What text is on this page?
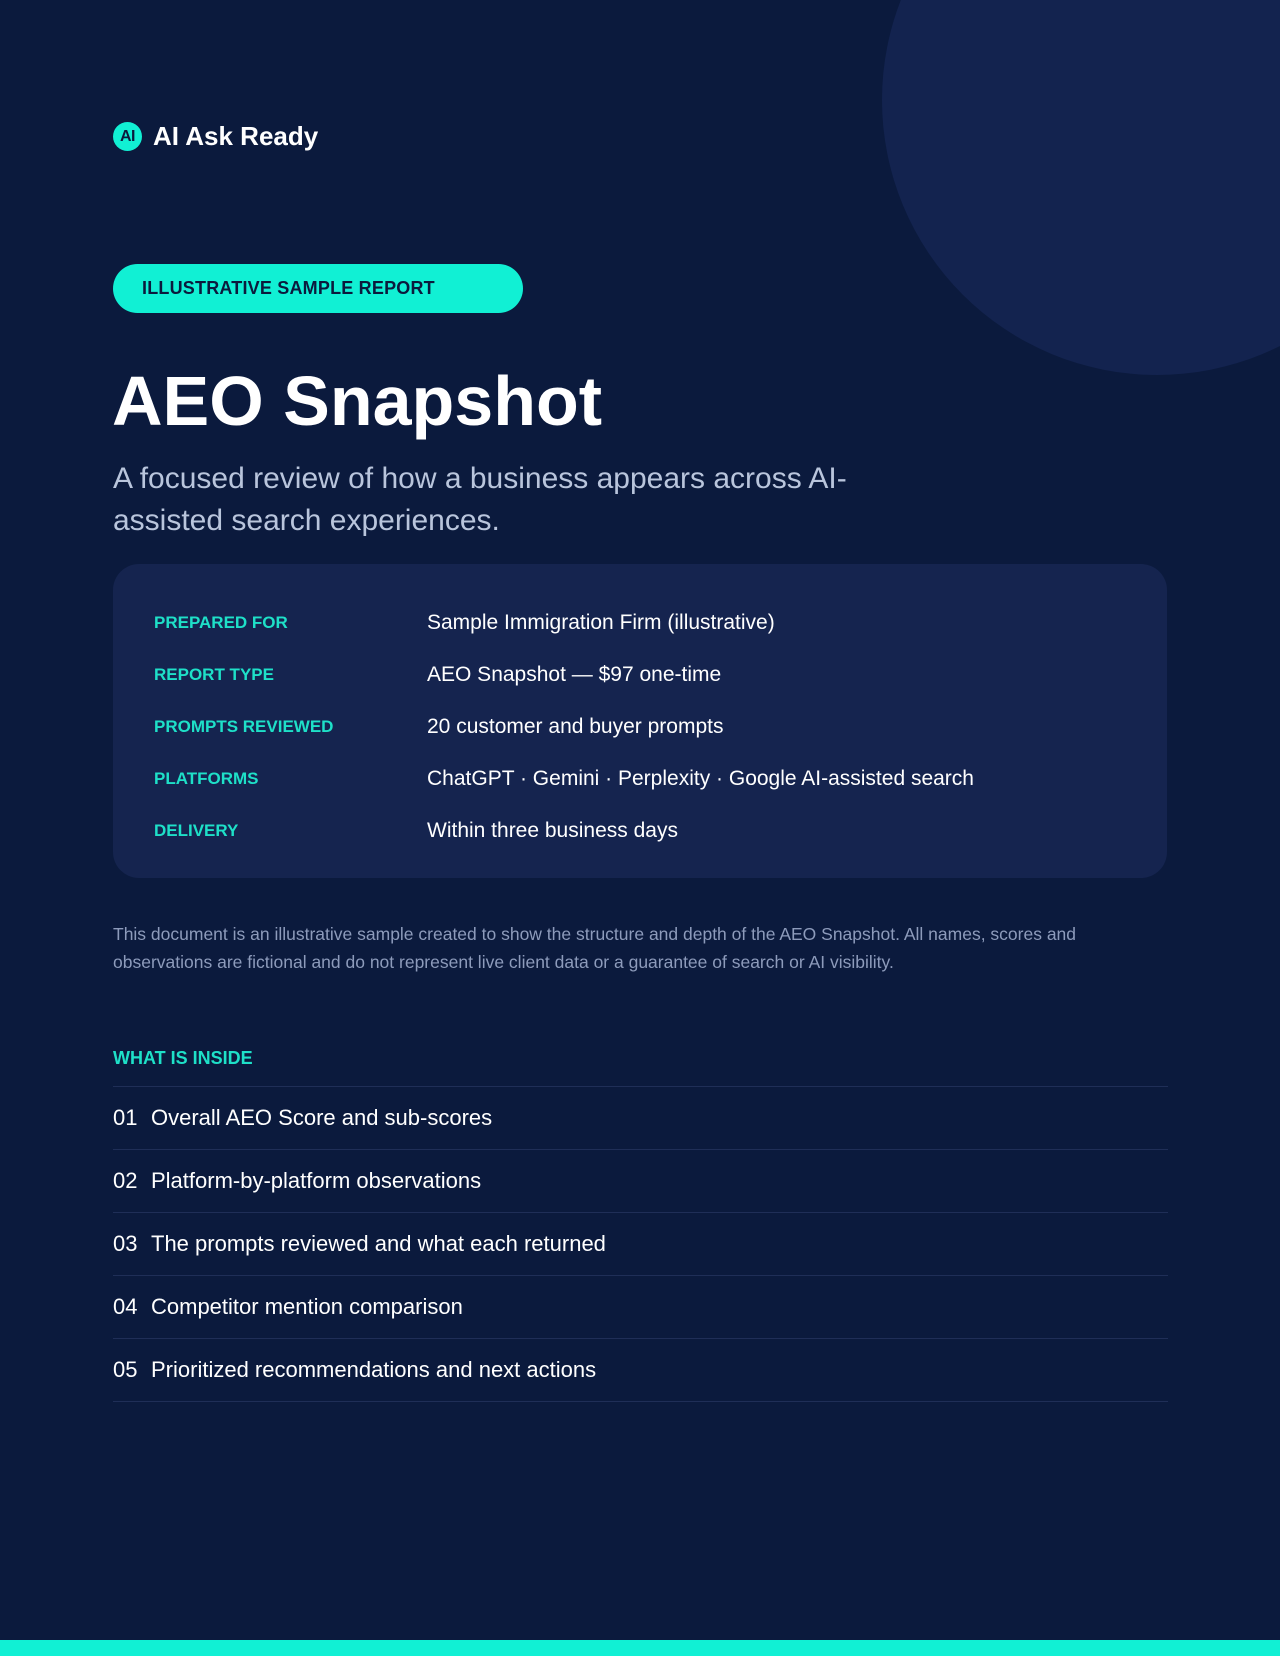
AI AI Ask Ready
ILLUSTRATIVE SAMPLE REPORT
AEO Snapshot

A focused review of how a business appears across AI-assisted search experiences.

PREPARED FOR	Sample Immigration Firm (illustrative)
REPORT TYPE	AEO Snapshot — $97 one-time
PROMPTS REVIEWED	20 customer and buyer prompts
PLATFORMS	ChatGPT · Gemini · Perplexity · Google AI-assisted search
DELIVERY	Within three business days

This document is an illustrative sample created to show the structure and depth of the AEO Snapshot. All names, scores and observations are fictional and do not represent live client data or a guarantee of search or AI visibility.

WHAT IS INSIDE
01 Overall AEO Score and sub-scores
02 Platform-by-platform observations
03 The prompts reviewed and what each returned
04 Competitor mention comparison
05 Prioritized recommendations and next actions
